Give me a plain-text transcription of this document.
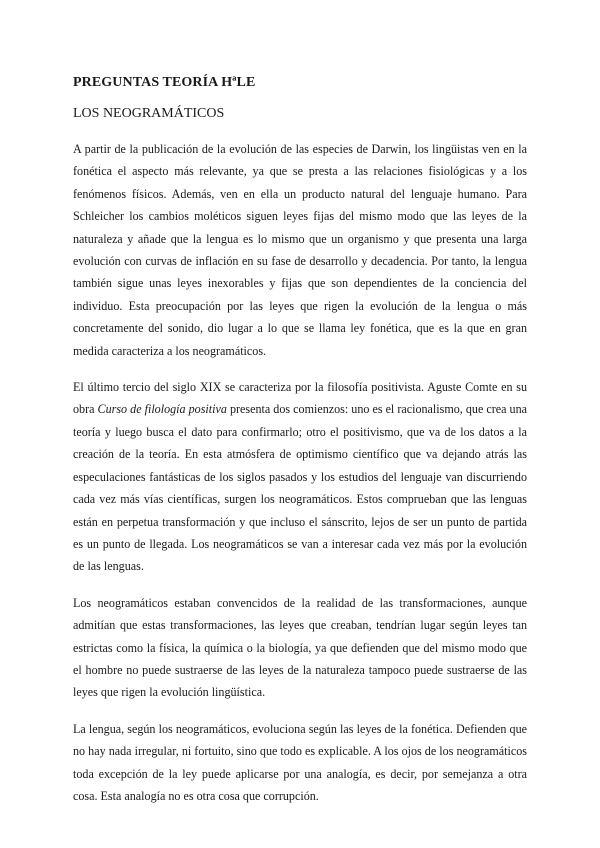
PREGUNTAS TEORÍA HªLE
LOS NEOGRAMÁTICOS

A partir de la publicación de la evolución de las especies de Darwin, los lingüistas ven en la fonética el aspecto más relevante, ya que se presta a las relaciones fisiológicas y a los fenómenos físicos. Además, ven en ella un producto natural del lenguaje humano. Para Schleicher los cambios moléticos siguen leyes fijas del mismo modo que las leyes de la naturaleza y añade que la lengua es lo mismo que un organismo y que presenta una larga evolución con curvas de inflación en su fase de desarrollo y decadencia. Por tanto, la lengua también sigue unas leyes inexorables y fijas que son dependientes de la conciencia del individuo. Esta preocupación por las leyes que rigen la evolución de la lengua o más concretamente del sonido, dio lugar a lo que se llama ley fonética, que es la que en gran medida caracteriza a los neogramáticos.

El último tercio del siglo XIX se caracteriza por la filosofía positivista. Aguste Comte en su obra Curso de filología positiva presenta dos comienzos: uno es el racionalismo, que crea una teoría y luego busca el dato para confirmarlo; otro el positivismo, que va de los datos a la creación de la teoría. En esta atmósfera de optimismo científico que va dejando atrás las especulaciones fantásticas de los siglos pasados y los estudios del lenguaje van discurriendo cada vez más vías científicas, surgen los neogramáticos. Estos comprueban que las lenguas están en perpetua transformación y que incluso el sánscrito, lejos de ser un punto de partida es un punto de llegada. Los neogramáticos se van a interesar cada vez más por la evolución de las lenguas.

Los neogramáticos estaban convencidos de la realidad de las transformaciones, aunque admitían que estas transformaciones, las leyes que creaban, tendrían lugar según leyes tan estrictas como la física, la química o la biología, ya que defienden que del mismo modo que el hombre no puede sustraerse de las leyes de la naturaleza tampoco puede sustraerse de las leyes que rigen la evolución lingüística.

La lengua, según los neogramáticos, evoluciona según las leyes de la fonética. Defienden que no hay nada irregular, ni fortuito, sino que todo es explicable. A los ojos de los neogramáticos toda excepción de la ley puede aplicarse por una analogía, es decir, por semejanza a otra cosa. Esta analogía no es otra cosa que corrupción.
